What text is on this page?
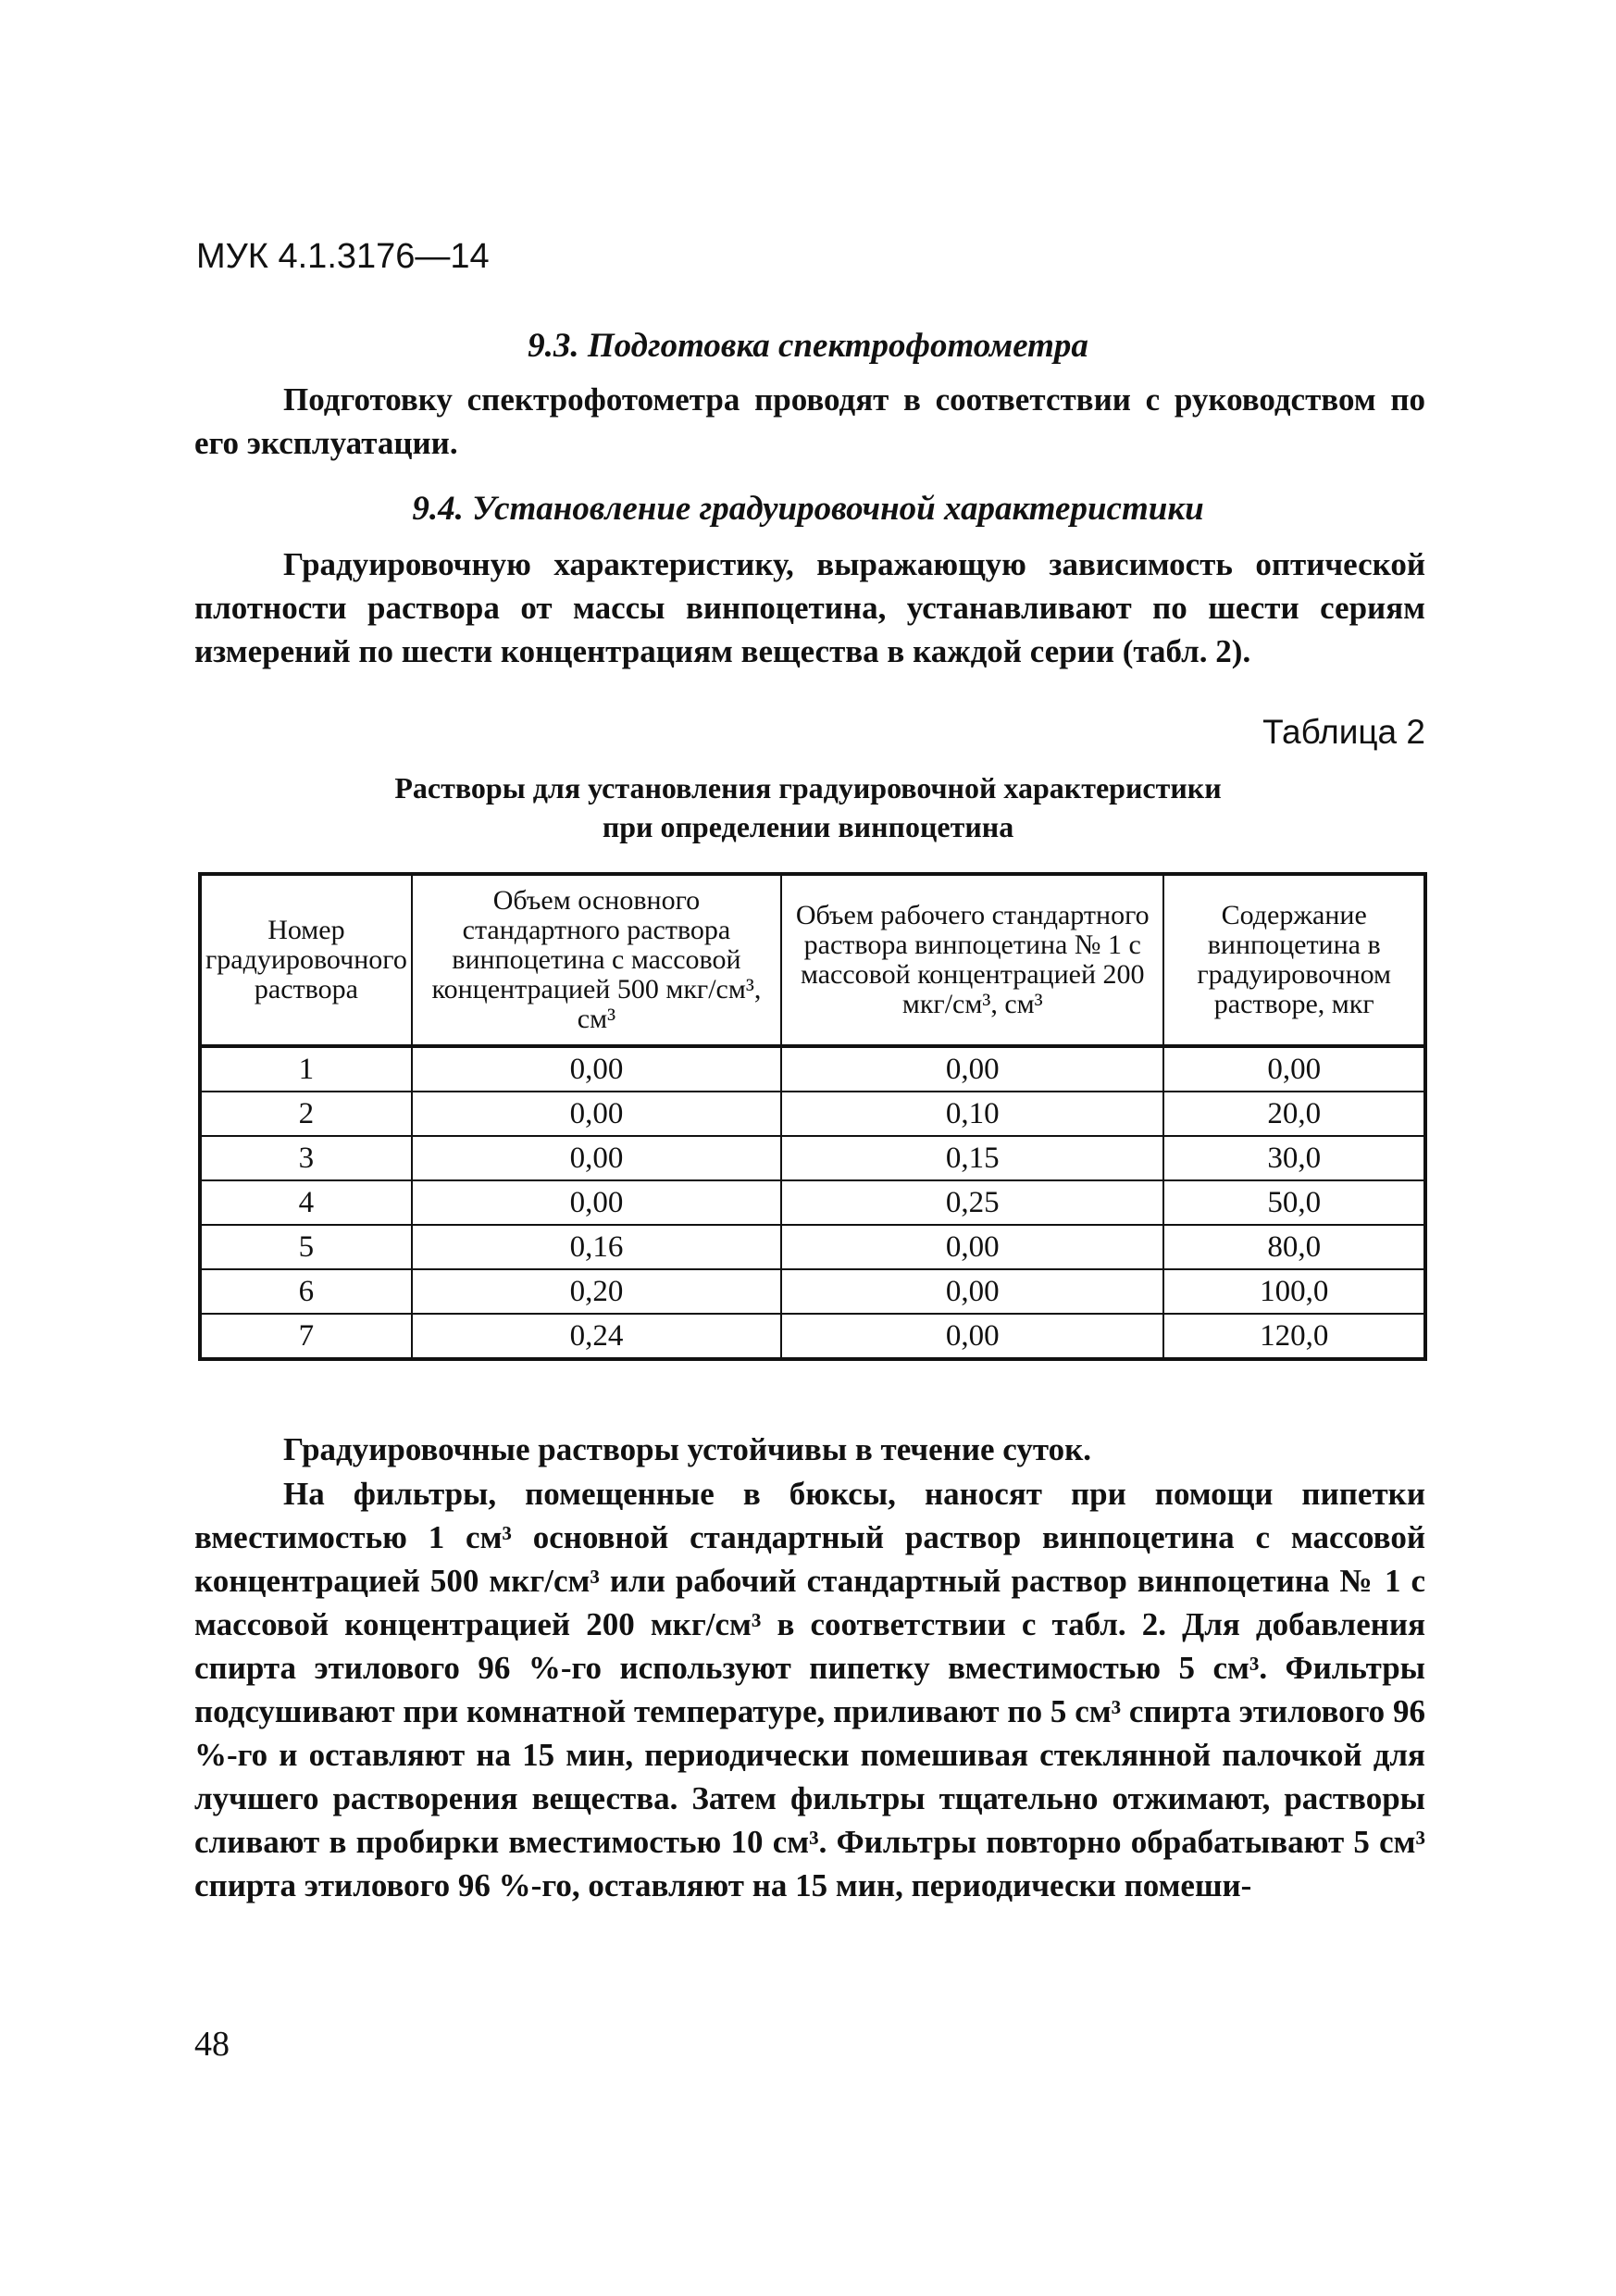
МУК 4.1.3176—14
9.3. Подготовка спектрофотометра

Подготовку спектрофотометра проводят в соответствии с руководством по его эксплуатации.

9.4. Установление градуировочной характеристики

Градуировочную характеристику, выражающую зависимость оптической плотности раствора от массы винпоцетина, устанавливают по шести сериям измерений по шести концентрациям вещества в каждой серии (табл. 2).

Таблица 2
Растворы для установления градуировочной характеристики
при определении винпоцетина
Номер градуировочного раствора	Объем основного стандартного раствора винпоцетина с массовой концентрацией 500 мкг/см³, см³	Объем рабочего стандартного раствора винпоцетина № 1 с массовой концентрацией 200 мкг/см³, см³	Содержание винпоцетина в градуировочном растворе, мкг
1	0,00	0,00	0,00
2	0,00	0,10	20,0
3	0,00	0,15	30,0
4	0,00	0,25	50,0
5	0,16	0,00	80,0
6	0,20	0,00	100,0
7	0,24	0,00	120,0

Градуировочные растворы устойчивы в течение суток.

На фильтры, помещенные в бюксы, наносят при помощи пипетки вместимостью 1 см³ основной стандартный раствор винпоцетина с массовой концентрацией 500 мкг/см³ или рабочий стандартный раствор винпоцетина № 1 с массовой концентрацией 200 мкг/см³ в соответствии с табл. 2. Для добавления спирта этилового 96 %-го используют пипетку вместимостью 5 см³. Фильтры подсушивают при комнатной температуре, приливают по 5 см³ спирта этилового 96 %-го и оставляют на 15 мин, периодически помешивая стеклянной палочкой для лучшего растворения вещества. Затем фильтры тщательно отжимают, растворы сливают в пробирки вместимостью 10 см³. Фильтры повторно обрабатывают 5 см³ спирта этилового 96 %-го, оставляют на 15 мин, периодически помеши-

48
